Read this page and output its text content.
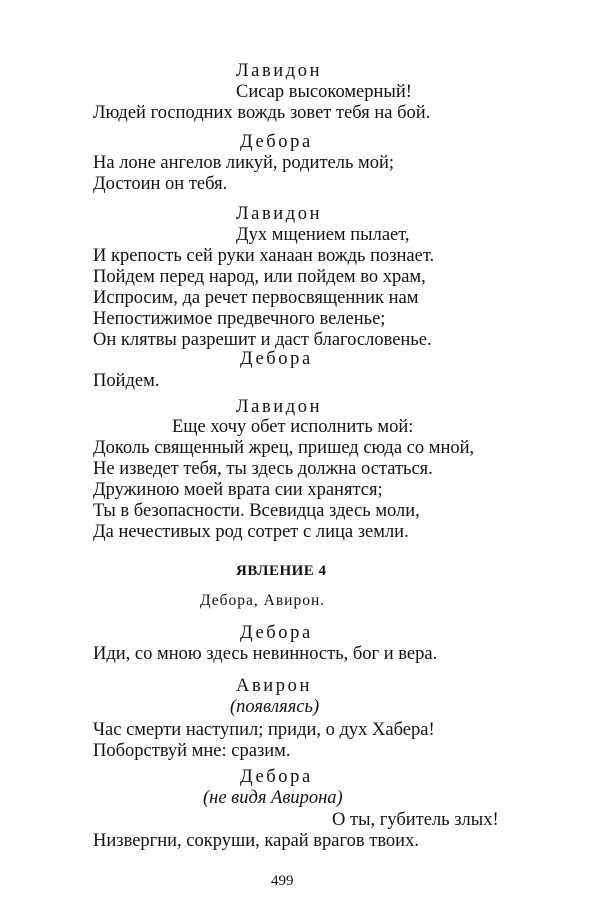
Лавидон
Сисар высокомерный!
Людей господних вождь зовет тебя на бой.
Дебора
На лоне ангелов ликуй, родитель мой;
Достоин он тебя.
Лавидон
Дух мщением пылает,
И крепость сей руки ханаан вождь познает.
Пойдем перед народ, или пойдем во храм,
Испросим, да речет первосвященник нам
Непостижимое предвечного веленье;
Он клятвы разрешит и даст благословенье.
Дебора
Пойдем.
Лавидон
Еще хочу обет исполнить мой:
Доколь священный жрец, пришед сюда со мной,
Не изведет тебя, ты здесь должна остаться.
Дружиною моей врата сии хранятся;
Ты в безопасности. Всевидца здесь моли,
Да нечестивых род сотрет с лица земли.
ЯВЛЕНИЕ 4
Дебора, Авирон.
Дебора
Иди, со мною здесь невинность, бог и вера.
Авирон
(появляясь)
Час смерти наступил; приди, о дух Хабера!
Поборствуй мне: сразим.
Дебора
(не видя Авирона)
О ты, губитель злых!
Низвергни, сокруши, карай врагов твоих.
499
